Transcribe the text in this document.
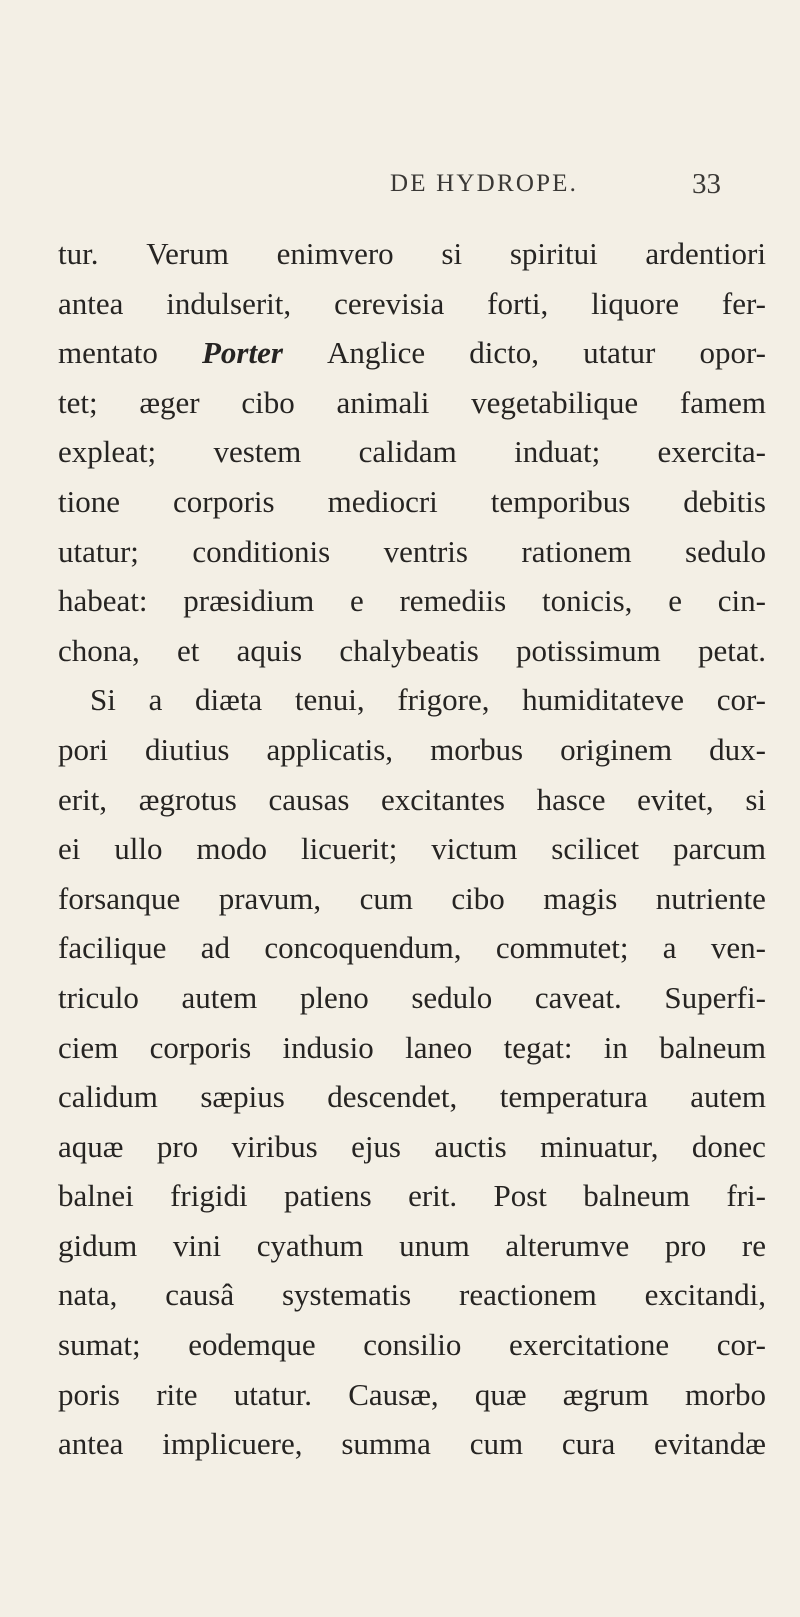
DE HYDROPE.	33
tur. Verum enimvero si spiritui ardentiori
antea indulserit, cerevisia forti, liquore fer-
mentato Porter Anglice dicto, utatur opor-
tet; æger cibo animali vegetabilique famem
expleat; vestem calidam induat; exercita-
tione corporis mediocri temporibus debitis
utatur; conditionis ventris rationem sedulo
habeat: præsidium e remediis tonicis, e cin-
chona, et aquis chalybeatis potissimum petat.
Si a diæta tenui, frigore, humiditateve cor-
pori diutius applicatis, morbus originem dux-
erit, ægrotus causas excitantes hasce evitet, si
ei ullo modo licuerit; victum scilicet parcum
forsanque pravum, cum cibo magis nutriente
facilique ad concoquendum, commutet; a ven-
triculo autem pleno sedulo caveat. Superfi-
ciem corporis indusio laneo tegat: in balneum
calidum sæpius descendet, temperatura autem
aquæ pro viribus ejus auctis minuatur, donec
balnei frigidi patiens erit. Post balneum fri-
gidum vini cyathum unum alterumve pro re
nata, causâ systematis reactionem excitandi,
sumat; eodemque consilio exercitatione cor-
poris rite utatur. Causæ, quæ ægrum morbo
antea implicuere, summa cum cura evitandæ
